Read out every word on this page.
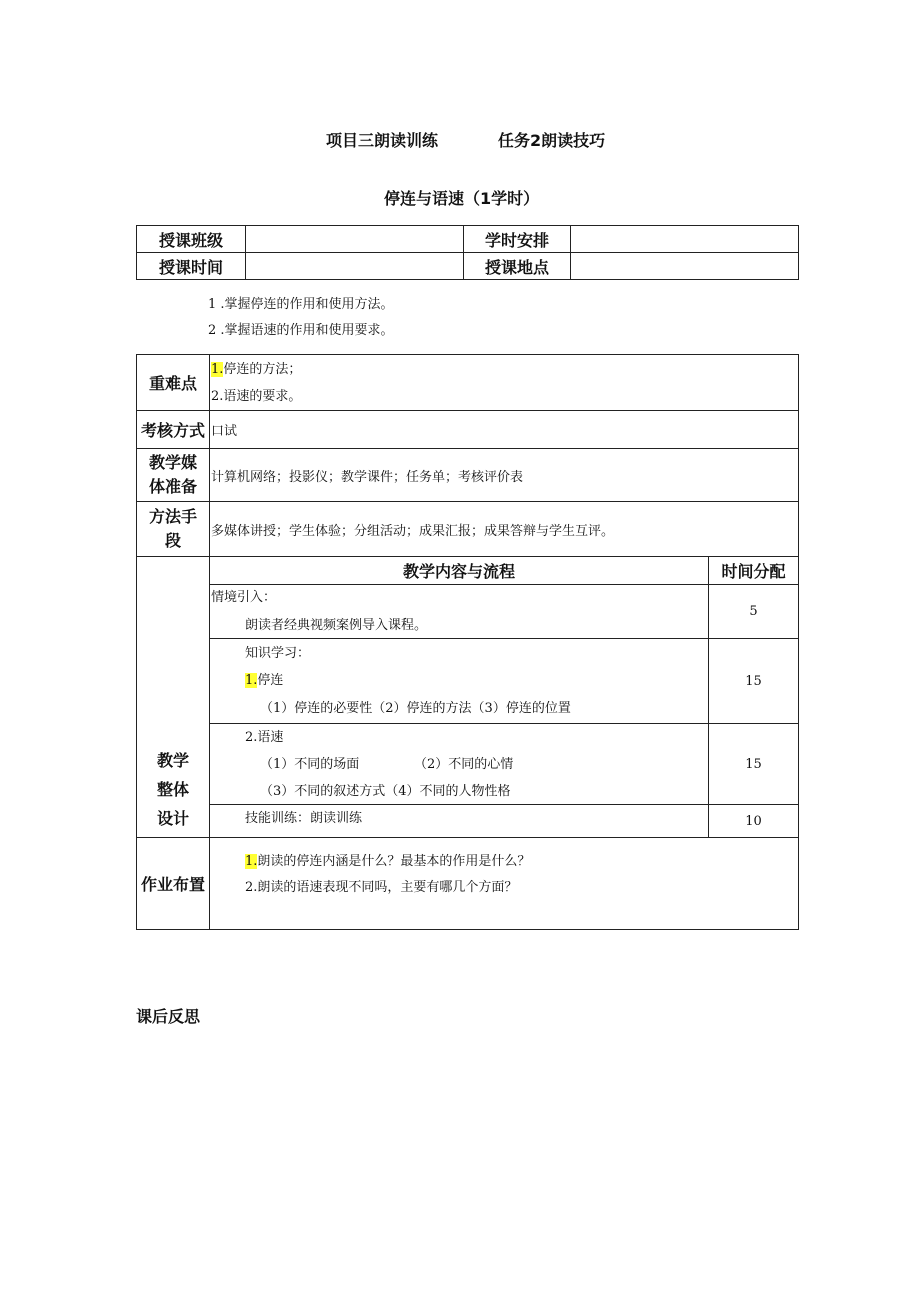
项目三朗读训练	任务2朗读技巧
停连与语速（1学时）
授课班级		学时安排	
授课时间		授课地点	
1 .掌握停连的作用和使用方法。
2 .掌握语速的作用和使用要求。
重难点	1.停连的方法；
2.语速的要求。	

考核方式	口试	
教学媒
体准备	计算机网络；投影仪；教学课件；任务单；考核评价表	
方法手
段	多媒体讲授；学生体验；分组活动；成果汇报；成果答辩与学生互评。	
教学
整体
设计	教学内容与流程	时间分配

	情境引入：
朗读者经典视频案例导入课程。	5

	知识学习：
1.停连
（1）停连的必要性（2）停连的方法（3）停连的位置	15

	2.语速
（1）不同的场面 （2）不同的心情
（3）不同的叙述方式（4）不同的人物性格	15

	技能训练：朗读训练	10
作业布置	1.朗读的停连内涵是什么？最基本的作用是什么？
2.朗读的语速表现不同吗，主要有哪几个方面？	
课后反思
